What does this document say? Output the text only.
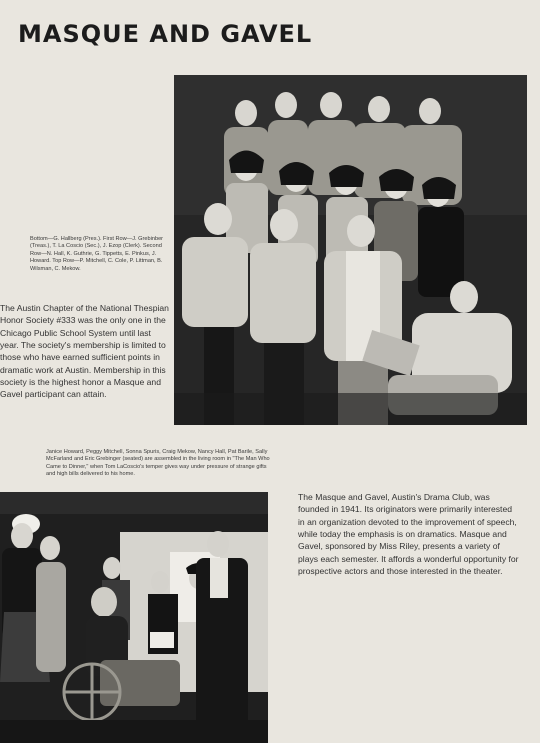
MASQUE AND GAVEL
Bottom—G. Hallberg (Pres.). First Row—J. Grebinber (Treas.), T. La Coscio (Sec.), J. Ezop (Clerk). Second Row—N. Hall, K. Guthrie, G. Tippetts, E. Pinkus, J. Howard. Top Row—P. Mitchell, C. Cole, P. Littman, B. Wilsman, C. Mekow.

The Austin Chapter of the National Thespian Honor Society #333 was the only one in the Chicago Public School System until last year. The society's membership is limited to those who have earned sufficient points in dramatic work at Austin. Membership in this society is the highest honor a Masque and Gavel participant can attain.

Janice Howard, Peggy Mitchell, Sonna Spuris, Craig Mekow, Nancy Hall, Pat Barile, Sally McFarland and Eric Grebinger (seated) are assembled in the living room in "The Man Who Came to Dinner," when Tom LaCoscio's temper gives way under pressure of strange gifts and high bills delivered to his home.

The Masque and Gavel, Austin's Drama Club, was founded in 1941. Its originators were primarily interested in an organization devoted to the improvement of speech, while today the emphasis is on dramatics. Masque and Gavel, sponsored by Miss Riley, presents a variety of plays each semester. It affords a wonderful opportunity for prospective actors and those interested in the theater.
